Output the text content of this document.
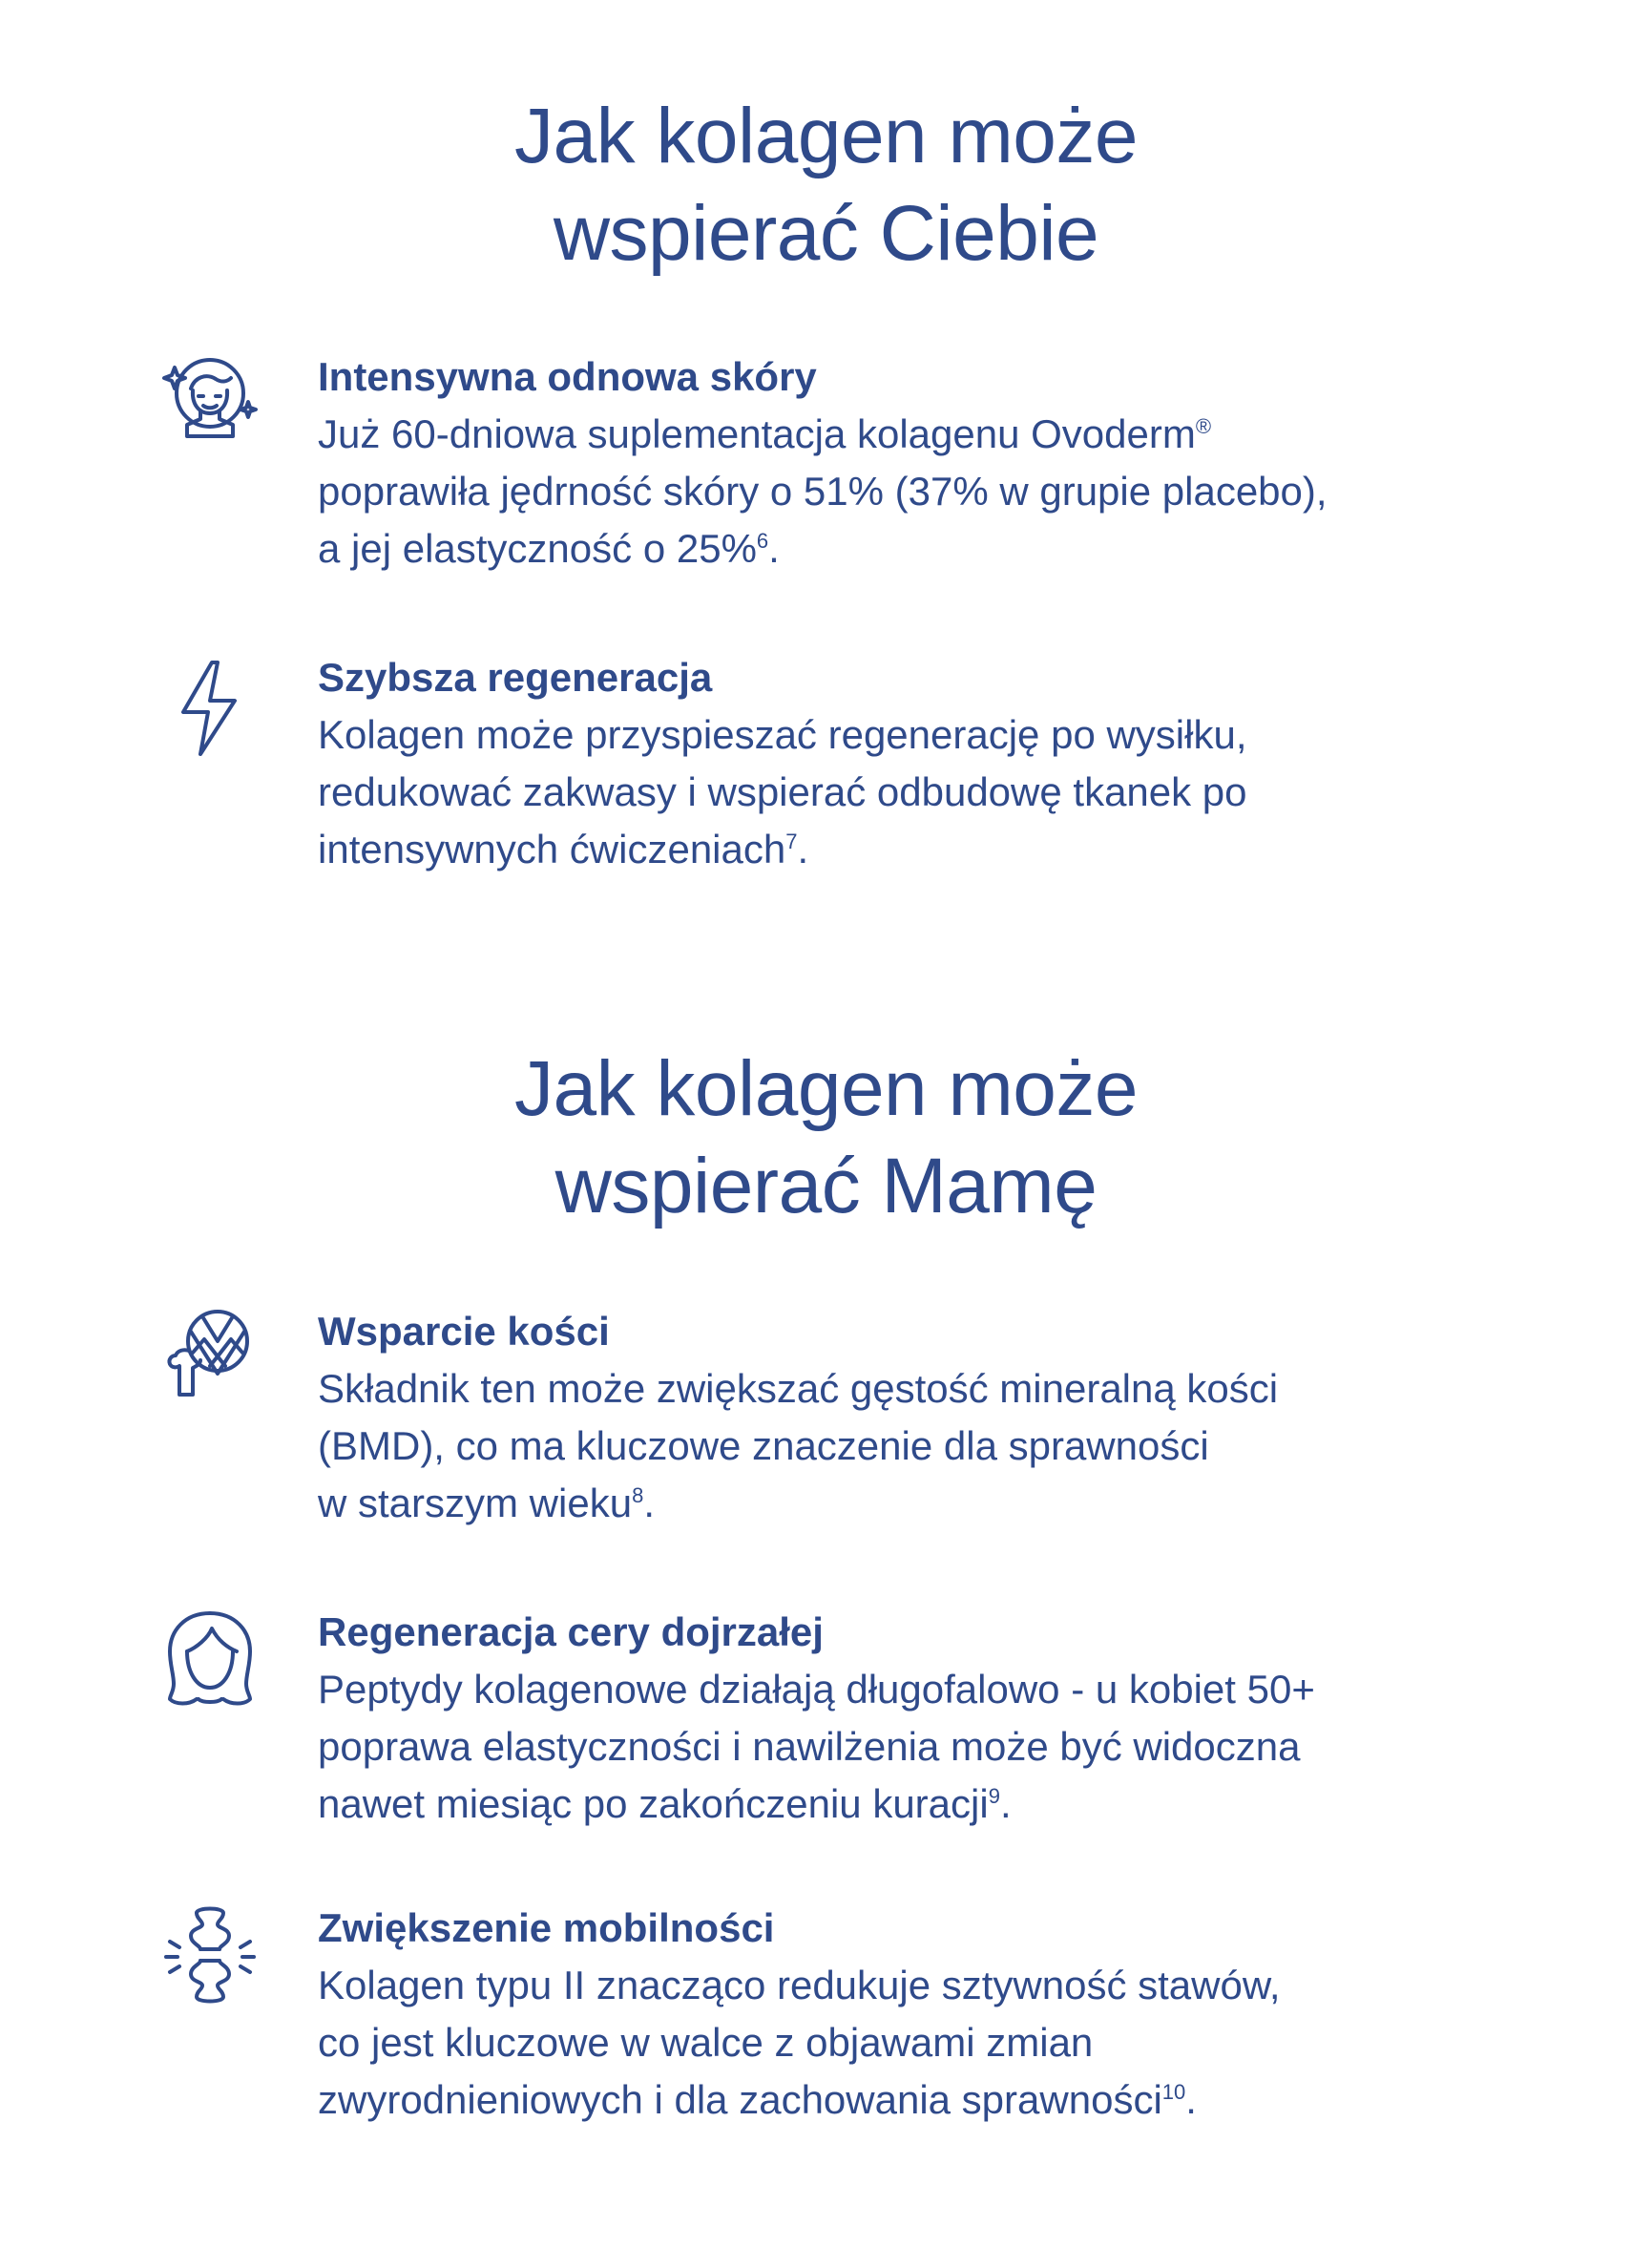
Jak kolagen może
wspierać Ciebie
Intensywna odnowa skóry

Już 60-dniowa suplementacja kolagenu Ovoderm®
poprawiła jędrność skóry o 51% (37% w grupie placebo),
a jej elastyczność o 25%$^6$.

Szybsza regeneracja

Kolagen może przyspieszać regenerację po wysiłku,
redukować zakwasy i wspierać odbudowę tkanek po
intensywnych ćwiczeniach$^7$.

Jak kolagen może
wspierać Mamę
Wsparcie kości

Składnik ten może zwiększać gęstość mineralną kości
(BMD), co ma kluczowe znaczenie dla sprawności
w starszym wieku$^8$.

Regeneracja cery dojrzałej

Peptydy kolagenowe działają długofalowo - u kobiet 50+
poprawa elastyczności i nawilżenia może być widoczna
nawet miesiąc po zakończeniu kuracji$^9$.

Zwiększenie mobilności

Kolagen typu II znacząco redukuje sztywność stawów,
co jest kluczowe w walce z objawami zmian
zwyrodnieniowych i dla zachowania sprawności$^{10}$.
